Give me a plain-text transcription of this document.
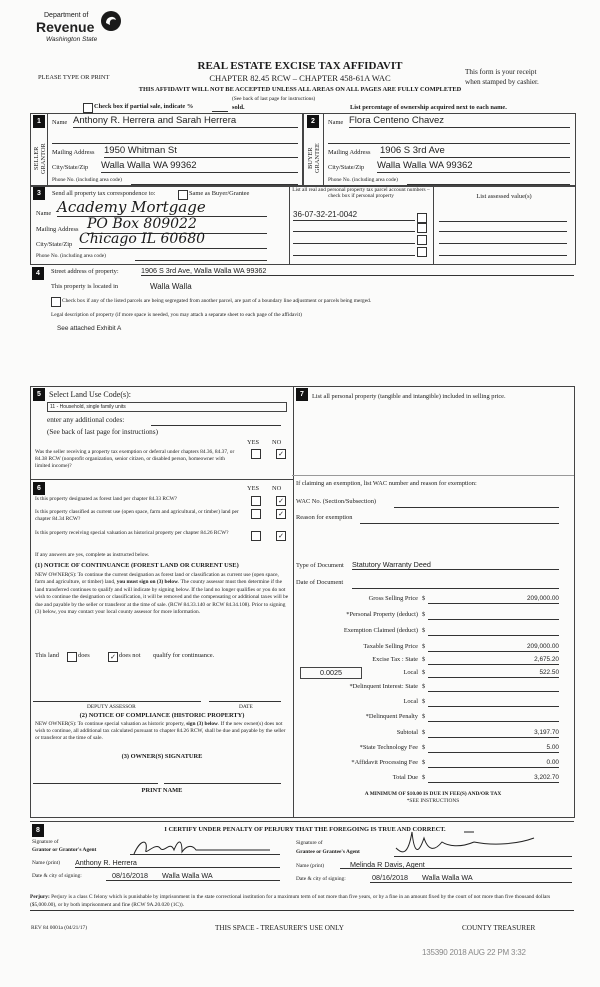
Department of
Revenue
Washington State
PLEASE TYPE OR PRINT
REAL ESTATE EXCISE TAX AFFIDAVIT
CHAPTER 82.45 RCW – CHAPTER 458-61A WAC
This form is your receipt
when stamped by cashier.
THIS AFFIDAVIT WILL NOT BE ACCEPTED UNLESS ALL AREAS ON ALL PAGES ARE FULLY COMPLETED
(See back of last page for instructions)
Check box if partial sale, indicate %	sold.	List percentage of ownership acquired next to each name.
1
SELLER GRANTOR
Name Anthony R. Herrera and Sarah Herrera
Mailing Address 1950 Whitman St
City/State/Zip Walla Walla WA 99362
Phone No. (including area code)
2
BUYER GRANTEE
Name Flora Centeno Chavez
Mailing Address 1906 S 3rd Ave
City/State/Zip Walla Walla WA 99362
Phone No. (including area code)
3	Send all property tax correspondence to:	Same as Buyer/Grantee
Name Academy Mortgage
Mailing Address PO Box 809022
City/State/Zip Chicago IL 60680
Phone No. (including area code)
List all real and personal property tax parcel account numbers – check box if personal property	List assessed value(s)
36-07-32-21-0042
4	Street address of property:	1906 S 3rd Ave, Walla Walla WA 99362
This property is located in	Walla Walla
Check box if any of the listed parcels are being segregated from another parcel, are part of a boundary line adjustment or parcels being merged.
Legal description of property (if more space is needed, you may attach a separate sheet to each page of the affidavit)
See attached Exhibit A
5	Select Land Use Code(s):
11 - Household, single family units
enter any additional codes:
(See back of last page for instructions)
YES NO
Was the seller receiving a property tax exemption or deferral under chapters 84.36, 84.37, or 84.38 RCW (nonprofit organization, senior citizen, or disabled person, homeowner with limited income)?
✓
6	YES NO
Is this property designated as forest land per chapter 84.33 RCW?	✓
Is this property classified as current use (open space, farm and agricultural, or timber) land per chapter 84.34 RCW?
✓
Is this property receiving special valuation as historical property per chapter 84.26 RCW?	✓
If any answers are yes, complete as instructed below.
(1) NOTICE OF CONTINUANCE (FOREST LAND OR CURRENT USE)
NEW OWNER(S): To continue the current designation as forest land or classification as current use (open space, farm and agriculture, or timber) land, you must sign on (3) below. The county assessor must then determine if the land transferred continues to qualify and will indicate by signing below. If the land no longer qualifies or you do not wish to continue the designation or classification, it will be removed and the compensating or additional taxes will be due and payable by the seller or transferor at the time of sale. (RCW 84.33.140 or RCW 84.34.108). Prior to signing (3) below, you may contact your local county assessor for more information.
This land	does	✓ does not qualify for continuance.
DEPUTY ASSESSOR	DATE
(2) NOTICE OF COMPLIANCE (HISTORIC PROPERTY)
NEW OWNER(S): To continue special valuation as historic property, sign (3) below. If the new owner(s) does not wish to continue, all additional tax calculated pursuant to chapter 84.26 RCW, shall be due and payable by the seller or transferor at the time of sale.
(3) OWNER(S) SIGNATURE
PRINT NAME
7	List all personal property (tangible and intangible) included in selling price.
If claiming an exemption, list WAC number and reason for exemption:
WAC No. (Section/Subsection)
Reason for exemption
Type of Document Statutory Warranty Deed
Date of Document
Gross Selling Price $	209,000.00
*Personal Property (deduct) $
Exemption Claimed (deduct) $
Taxable Selling Price $	209,000.00
Excise Tax : State $	2,675.20
0.0025	Local $	522.50
*Delinquent Interest: State $
Local $
*Delinquent Penalty $
Subtotal $	3,197.70
*State Technology Fee $	5.00
*Affidavit Processing Fee $	0.00
Total Due $	3,202.70
A MINIMUM OF $10.00 IS DUE IN FEE(S) AND/OR TAX
*SEE INSTRUCTIONS
8	I CERTIFY UNDER PENALTY OF PERJURY THAT THE FOREGOING IS TRUE AND CORRECT.
Signature of
Grantor or Grantor's Agent
Name (print) Anthony R. Herrera
Date & city of signing:	08/16/2018 Walla Walla WA
Signature of
Grantee or Grantee's Agent
Name (print)	Melinda R Davis, Agent
Date & city of signing:	08/16/2018 Walla Walla WA
Perjury: Perjury is a class C felony which is punishable by imprisonment in the state correctional institution for a maximum term of not more than five years, or by a fine in an amount fixed by the court of not more than five thousand dollars ($5,000.00), or by both imprisonment and fine (RCW 9A.20.020 (1C)).
REV 84 0001a (04/21/17)	THIS SPACE - TREASURER'S USE ONLY	COUNTY TREASURER
135390 2018 AUG 22 PM 3:32
